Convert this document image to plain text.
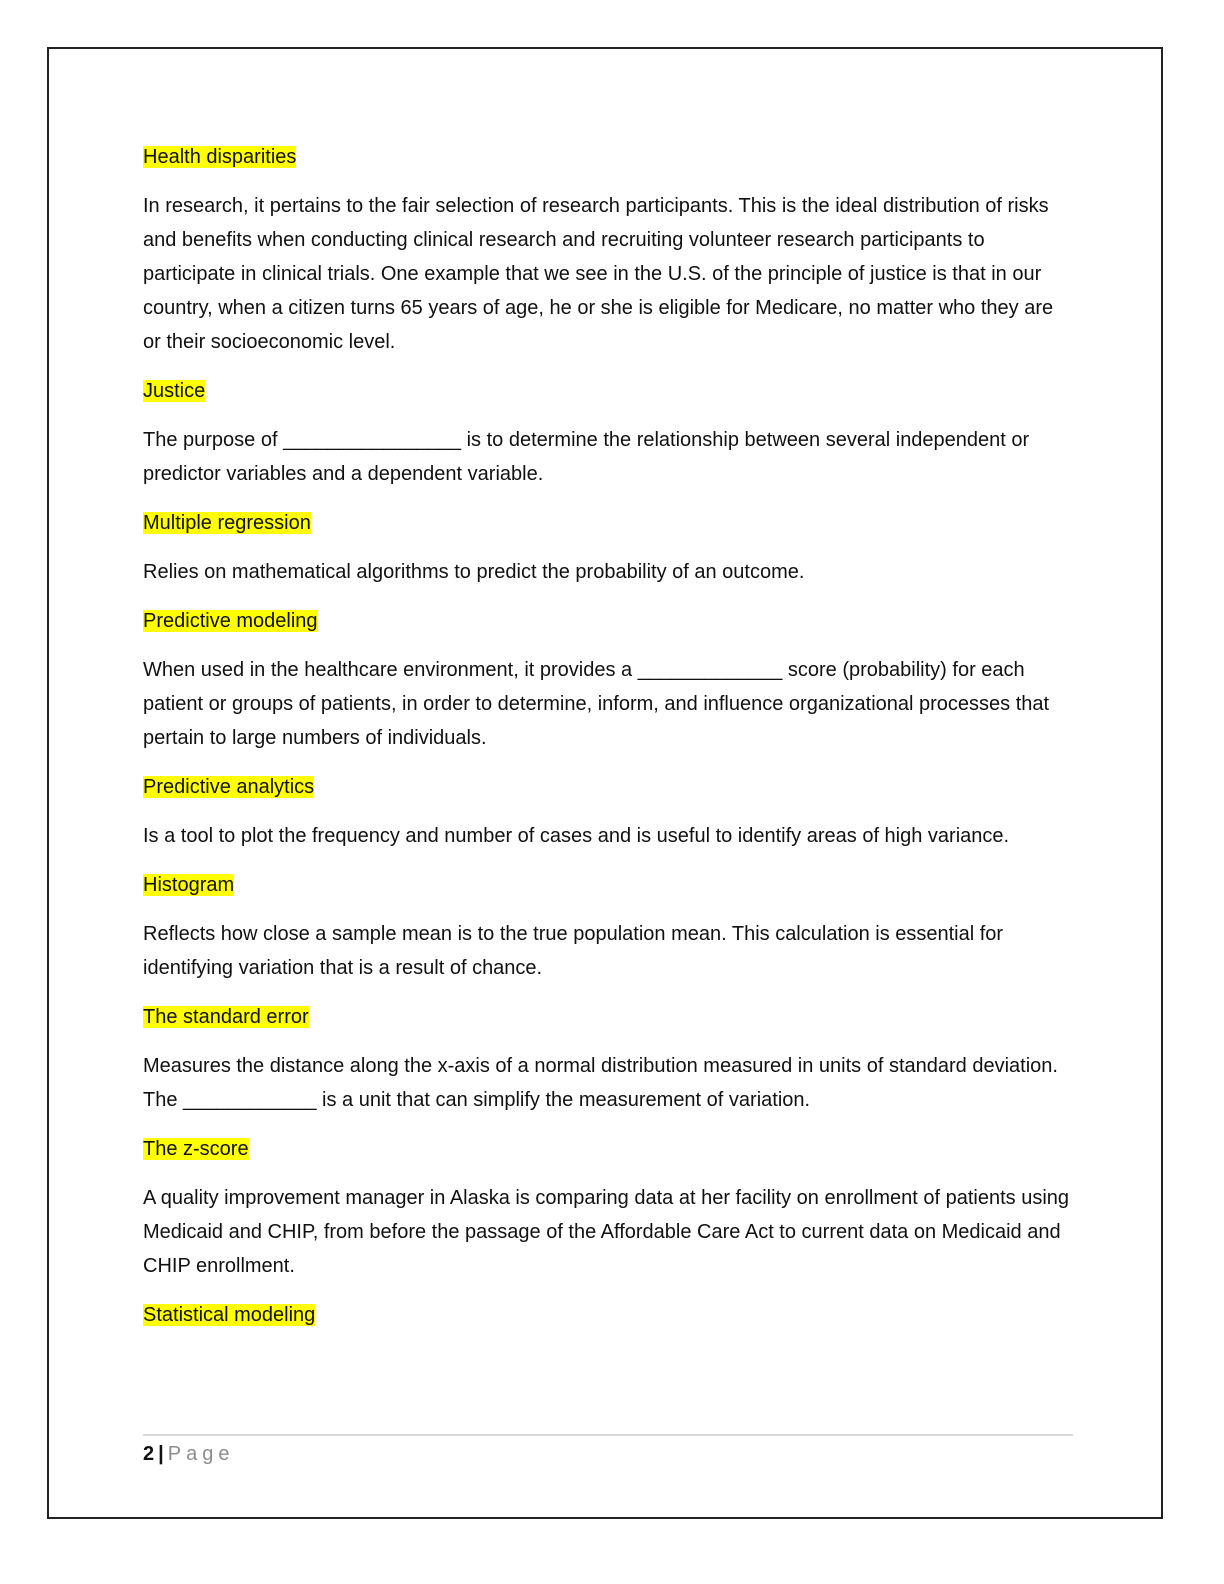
Health disparities

In research, it pertains to the fair selection of research participants. This is the ideal distribution of risks and benefits when conducting clinical research and recruiting volunteer research participants to participate in clinical trials. One example that we see in the U.S. of the principle of justice is that in our country, when a citizen turns 65 years of age, he or she is eligible for Medicare, no matter who they are or their socioeconomic level.

Justice

The purpose of ________________ is to determine the relationship between several independent or predictor variables and a dependent variable.

Multiple regression

Relies on mathematical algorithms to predict the probability of an outcome.

Predictive modeling

When used in the healthcare environment, it provides a _____________ score (probability) for each patient or groups of patients, in order to determine, inform, and influence organizational processes that pertain to large numbers of individuals.

Predictive analytics

Is a tool to plot the frequency and number of cases and is useful to identify areas of high variance.

Histogram

Reflects how close a sample mean is to the true population mean. This calculation is essential for identifying variation that is a result of chance.

The standard error

Measures the distance along the x-axis of a normal distribution measured in units of standard deviation. The ____________ is a unit that can simplify the measurement of variation.

The z-score

A quality improvement manager in Alaska is comparing data at her facility on enrollment of patients using Medicaid and CHIP, from before the passage of the Affordable Care Act to current data on Medicaid and CHIP enrollment.

Statistical modeling

2 | Page
